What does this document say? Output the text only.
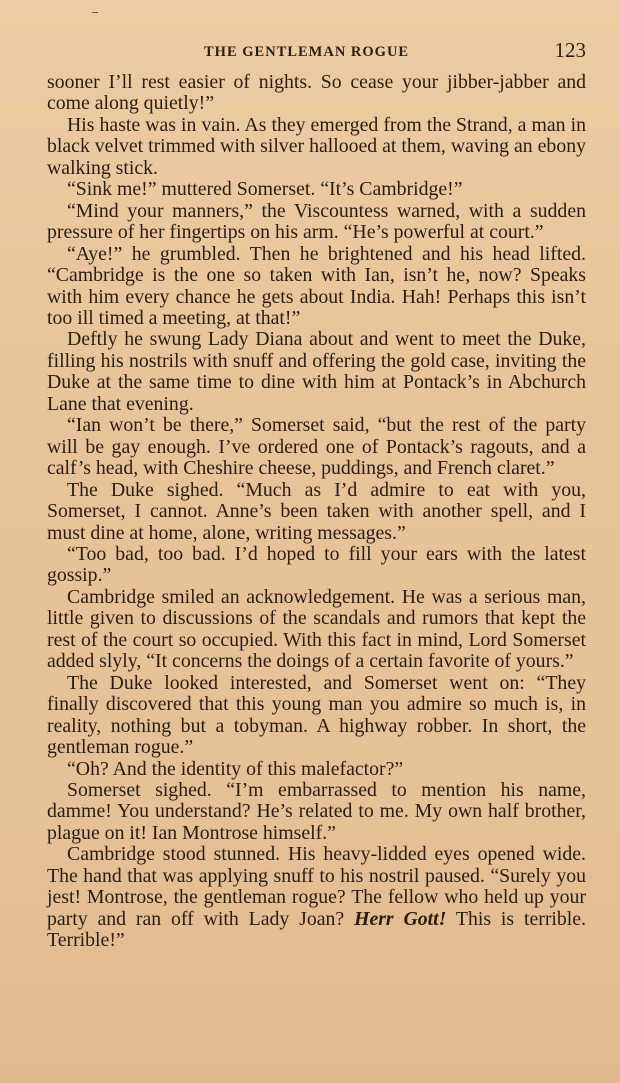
THE GENTLEMAN ROGUE	123

sooner I’ll rest easier of nights. So cease your jibber-jabber and come along quietly!”

His haste was in vain. As they emerged from the Strand, a man in black velvet trimmed with silver hallooed at them, waving an ebony walking stick.

“Sink me!” muttered Somerset. “It’s Cambridge!”

“Mind your manners,” the Viscountess warned, with a sudden pressure of her fingertips on his arm. “He’s powerful at court.”

“Aye!” he grumbled. Then he brightened and his head lifted. “Cambridge is the one so taken with Ian, isn’t he, now? Speaks with him every chance he gets about India. Hah! Perhaps this isn’t too ill timed a meeting, at that!”

Deftly he swung Lady Diana about and went to meet the Duke, filling his nostrils with snuff and offering the gold case, inviting the Duke at the same time to dine with him at Pontack’s in Abchurch Lane that evening.

“Ian won’t be there,” Somerset said, “but the rest of the party will be gay enough. I’ve ordered one of Pontack’s ragouts, and a calf’s head, with Cheshire cheese, puddings, and French claret.”

The Duke sighed. “Much as I’d admire to eat with you, Somerset, I cannot. Anne’s been taken with another spell, and I must dine at home, alone, writing messages.”

“Too bad, too bad. I’d hoped to fill your ears with the latest gossip.”

Cambridge smiled an acknowledgement. He was a serious man, little given to discussions of the scandals and rumors that kept the rest of the court so occupied. With this fact in mind, Lord Somerset added slyly, “It concerns the doings of a certain favorite of yours.”

The Duke looked interested, and Somerset went on: “They finally discovered that this young man you admire so much is, in reality, nothing but a tobyman. A highway robber. In short, the gentleman rogue.”

“Oh? And the identity of this malefactor?”

Somerset sighed. “I’m embarrassed to mention his name, damme! You understand? He’s related to me. My own half brother, plague on it! Ian Montrose himself.”

Cambridge stood stunned. His heavy-lidded eyes opened wide. The hand that was applying snuff to his nostril paused. “Surely you jest! Montrose, the gentleman rogue? The fellow who held up your party and ran off with Lady Joan? Herr Gott! This is terrible. Terrible!”
